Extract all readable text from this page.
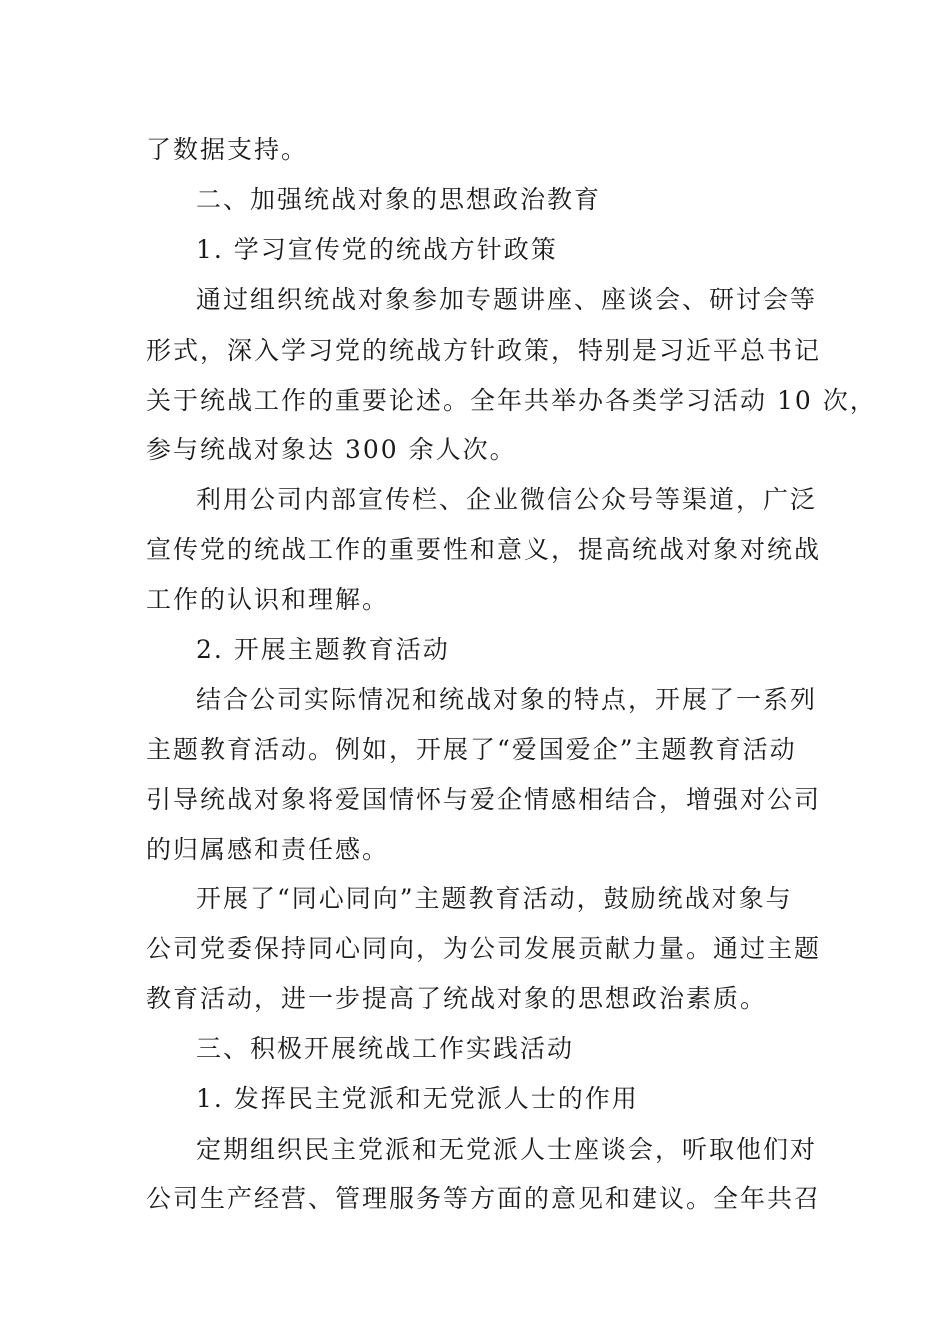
了数据支持。
二、加强统战对象的思想政治教育
1. 学习宣传党的统战方针政策
通过组织统战对象参加专题讲座、座谈会、研讨会等
形式，深入学习党的统战方针政策，特别是习近平总书记
关于统战工作的重要论述。全年共举办各类学习活动 10 次，
参与统战对象达 300 余人次。
利用公司内部宣传栏、企业微信公众号等渠道，广泛
宣传党的统战工作的重要性和意义，提高统战对象对统战
工作的认识和理解。
2. 开展主题教育活动
结合公司实际情况和统战对象的特点，开展了一系列
主题教育活动。例如，开展了“爱国爱企”主题教育活动
引导统战对象将爱国情怀与爱企情感相结合，增强对公司
的归属感和责任感。
开展了“同心同向”主题教育活动，鼓励统战对象与
公司党委保持同心同向，为公司发展贡献力量。通过主题
教育活动，进一步提高了统战对象的思想政治素质。
三、积极开展统战工作实践活动
1. 发挥民主党派和无党派人士的作用
定期组织民主党派和无党派人士座谈会，听取他们对
公司生产经营、管理服务等方面的意见和建议。全年共召
